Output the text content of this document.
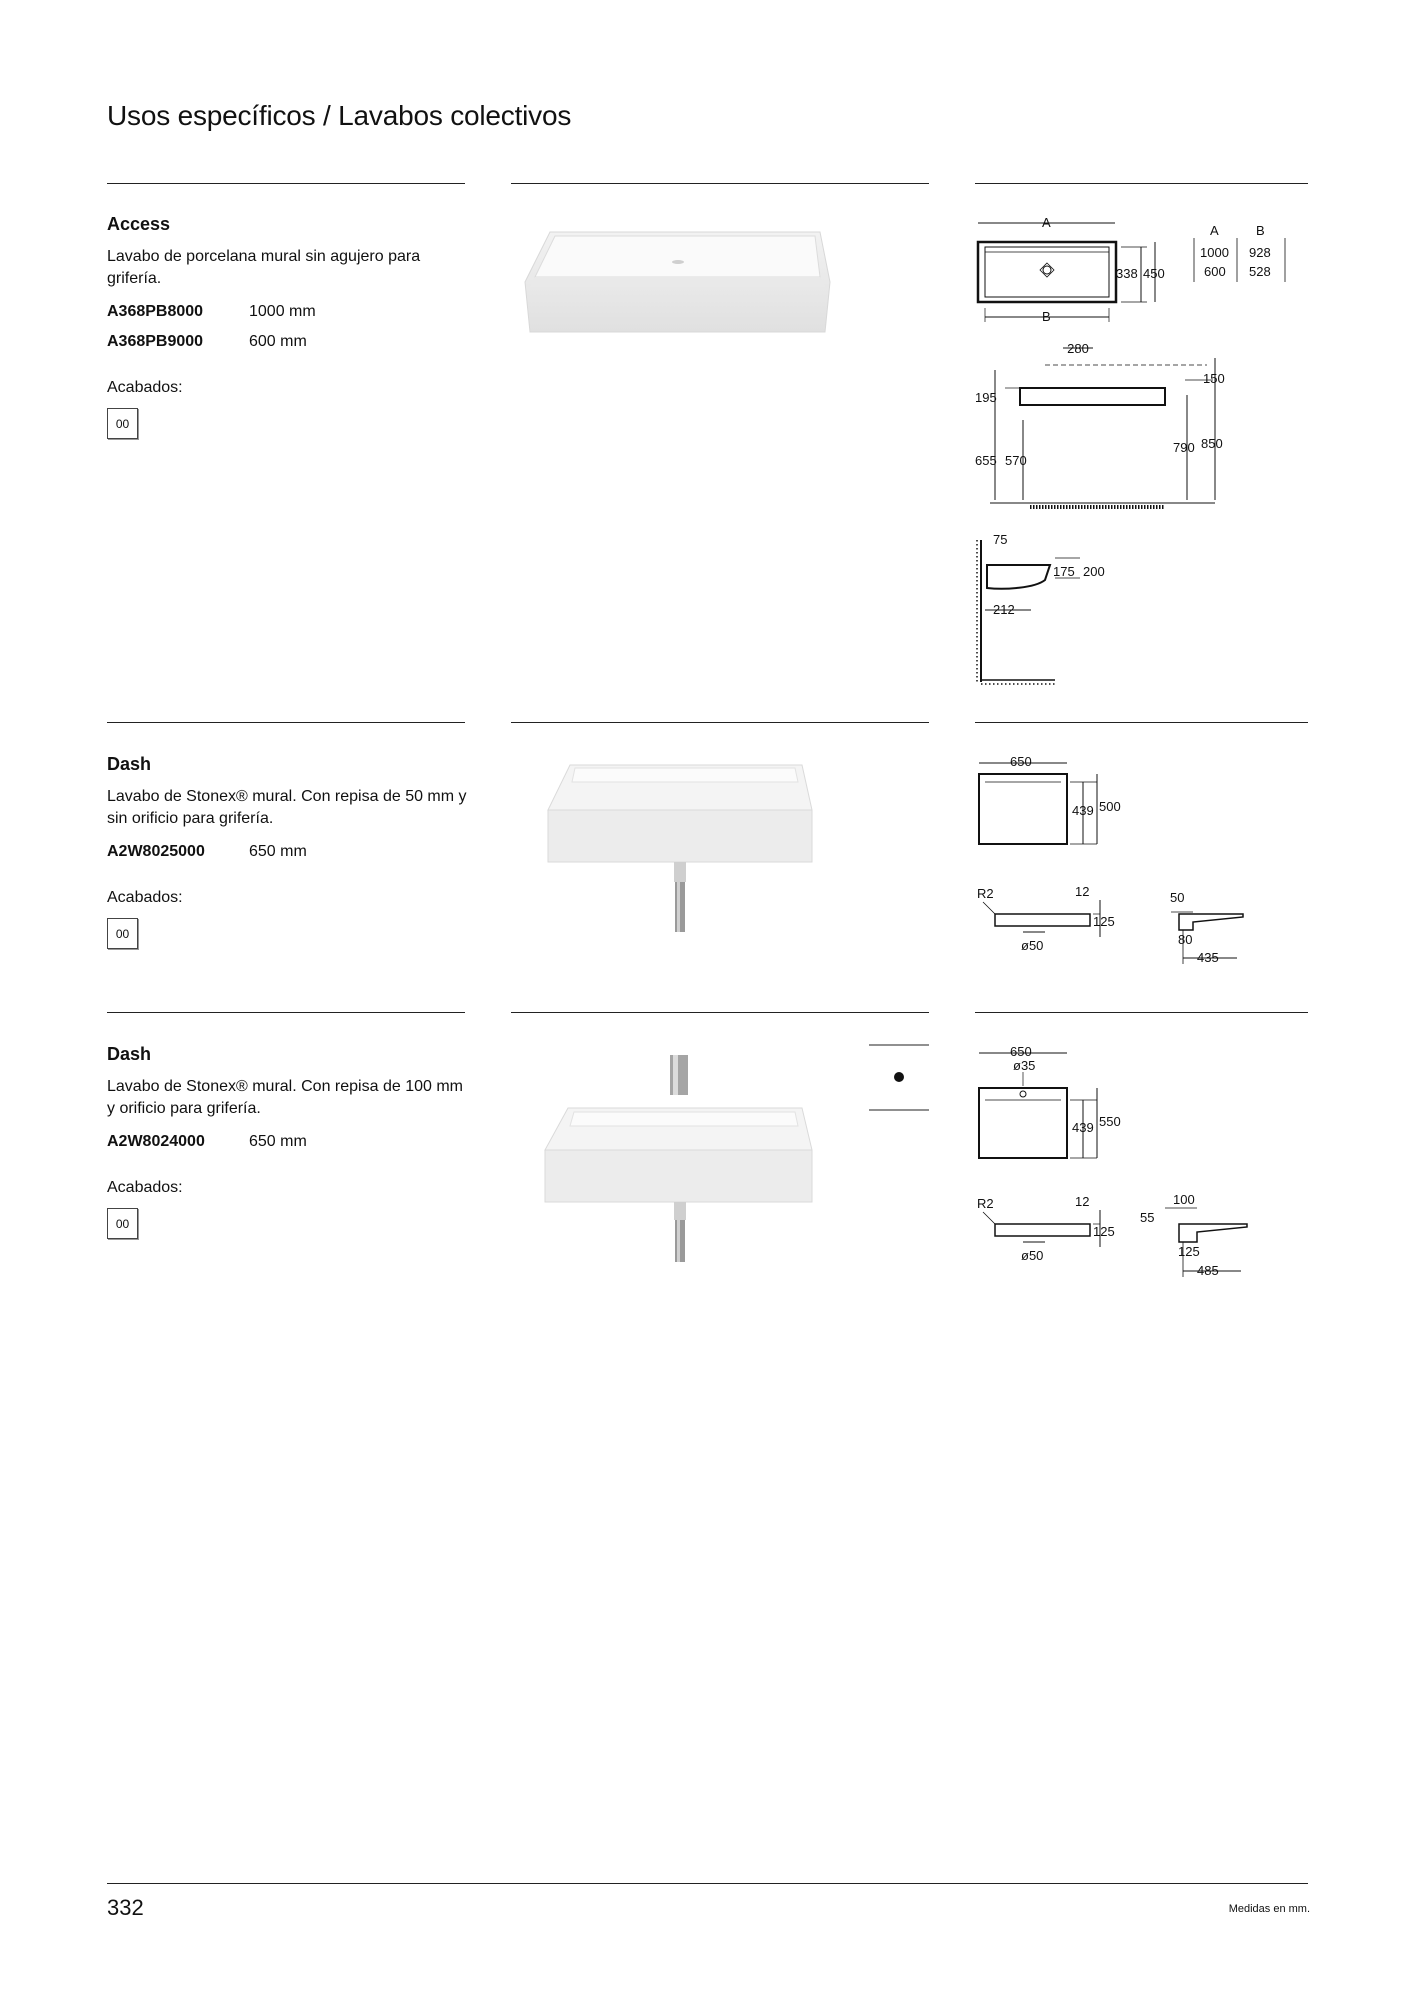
Usos específicos / Lavabos colectivos
Access
Lavabo de porcelana mural sin agujero para grifería.
A368PB8000	1000 mm
A368PB9000	600 mm
Acabados:
00
A
B
338 450
A	B
1000 928
600 528
280
195
655 570
150
790 850
75
175 200
212
Dash
Lavabo de Stonex® mural. Con repisa de 50 mm y sin orificio para grifería.
A2W8025000	650 mm
Acabados:
00
650
439 500
R2	12
125
ø50
50
80
435
Dash
Lavabo de Stonex® mural. Con repisa de 100 mm y orificio para grifería.
A2W8024000	650 mm
Acabados:
00
650
ø35
439 550
R2	12
125
ø50
100
55
125
485
332	Medidas en mm.
